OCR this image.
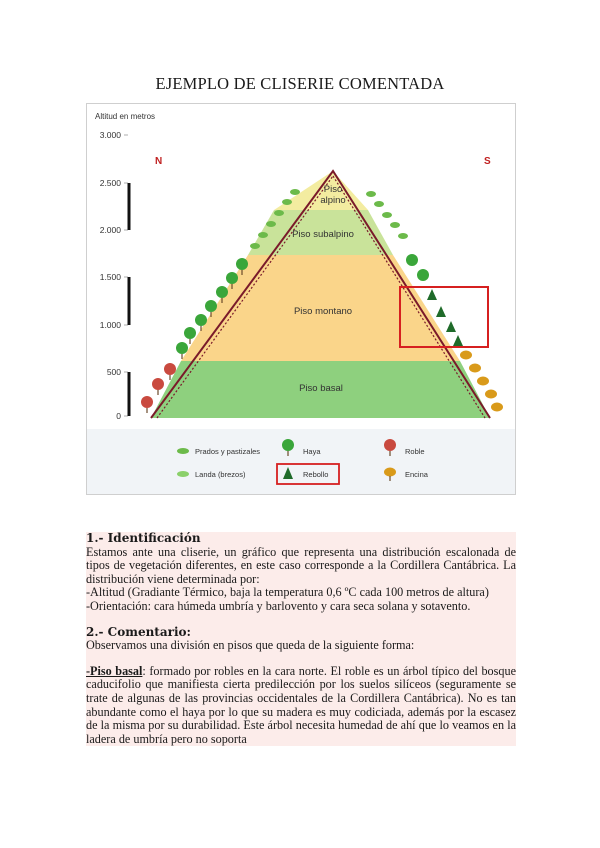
EJEMPLO DE CLISERIE COMENTADA
Altitud en metros
3.000
2.500
2.000
1.500
1.000
500
0
N	S
Piso
alpino
Piso subalpino
Piso montano
Piso basal
Prados y pastizales
Landa (brezos)
Haya
Rebollo
Roble
Encina

1.- Identificación

Estamos ante una cliserie, un gráfico que representa una distribución escalonada de tipos de vegetación diferentes, en este caso corresponde a la Cordillera Cantábrica. La distribución viene determinada por:

-Altitud (Gradiante Térmico, baja la temperatura 0,6 ºC cada 100 metros de altura)

-Orientación: cara húmeda umbría y barlovento y cara seca solana y sotavento.

2.- Comentario:

Observamos una división en pisos que queda de la siguiente forma:

-Piso basal: formado por robles en la cara norte. El roble es un árbol típico del bosque caducifolio que manifiesta cierta predilección por los suelos silíceos (seguramente se trate de algunas de las provincias occidentales de la Cordillera Cantábrica). No es tan abundante como el haya por lo que su madera es muy codiciada, además por la escasez de la misma por su durabilidad. Este árbol necesita humedad de ahí que lo veamos en la ladera de umbría pero no soporta
